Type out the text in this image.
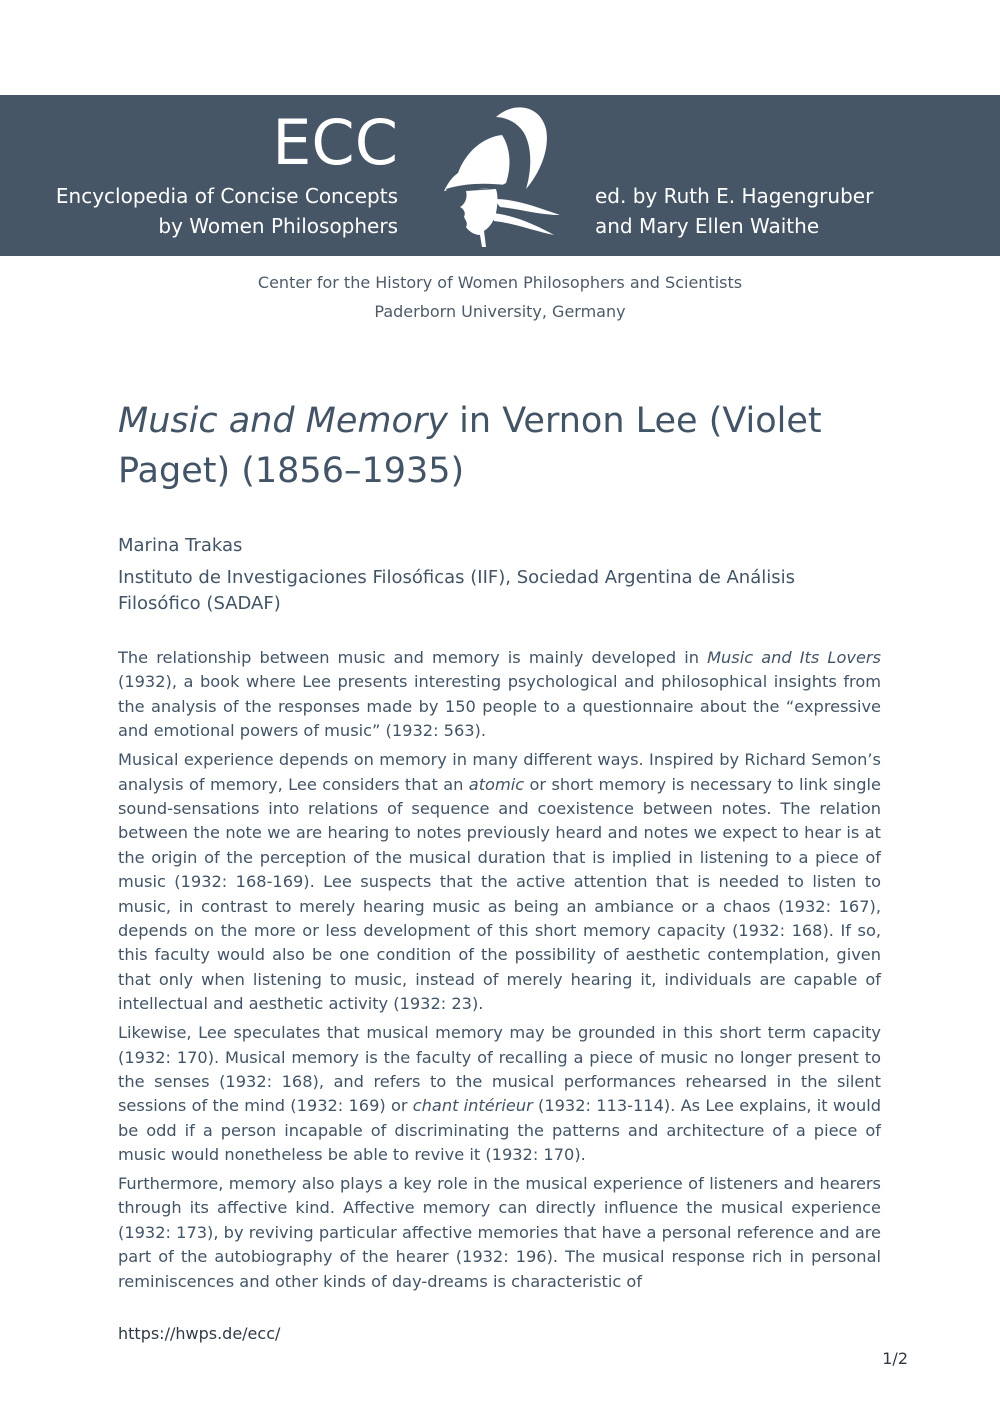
ECC
Encyclopedia of Concise Concepts
by Women Philosophers
ed. by Ruth E. Hagengruber
and Mary Ellen Waithe
Center for the History of Women Philosophers and Scientists
Paderborn University, Germany
Music and Memory in Vernon Lee (Violet Paget) (1856–1935)
Marina Trakas
Instituto de Investigaciones Filosóficas (IIF), Sociedad Argentina de Análisis Filosófico (SADAF)

The relationship between music and memory is mainly developed in Music and Its Lovers (1932), a book where Lee presents interesting psychological and philosophical insights from the analysis of the responses made by 150 people to a questionnaire about the “expressive and emotional powers of music” (1932: 563).

Musical experience depends on memory in many different ways. Inspired by Richard Semon’s analysis of memory, Lee considers that an atomic or short memory is necessary to link single sound-sensations into relations of sequence and coexistence between notes. The relation between the note we are hearing to notes previously heard and notes we expect to hear is at the origin of the perception of the musical duration that is implied in listening to a piece of music (1932: 168-169). Lee suspects that the active attention that is needed to listen to music, in contrast to merely hearing music as being an ambiance or a chaos (1932: 167), depends on the more or less development of this short memory capacity (1932: 168). If so, this faculty would also be one condition of the possibility of aesthetic contemplation, given that only when listening to music, instead of merely hearing it, individuals are capable of intellectual and aesthetic activity (1932: 23).

Likewise, Lee speculates that musical memory may be grounded in this short term capacity (1932: 170). Musical memory is the faculty of recalling a piece of music no longer present to the senses (1932: 168), and refers to the musical performances rehearsed in the silent sessions of the mind (1932: 169) or chant intérieur (1932: 113-114). As Lee explains, it would be odd if a person incapable of discriminating the patterns and architecture of a piece of music would nonetheless be able to revive it (1932: 170).

Furthermore, memory also plays a key role in the musical experience of listeners and hearers through its affective kind. Affective memory can directly influence the musical experience (1932: 173), by reviving particular affective memories that have a personal reference and are part of the autobiography of the hearer (1932: 196). The musical response rich in personal reminiscences and other kinds of day-dreams is characteristic of

https://hwps.de/ecc/
1/2
